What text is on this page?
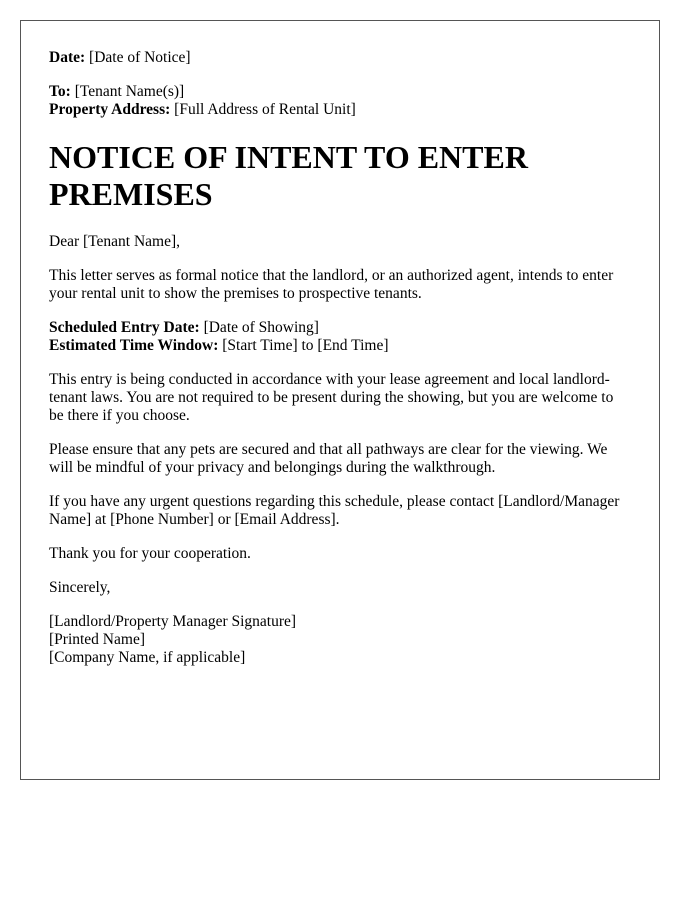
Date: [Date of Notice]

To: [Tenant Name(s)]

Property Address: [Full Address of Rental Unit]

NOTICE OF INTENT TO ENTER PREMISES

Dear [Tenant Name],

This letter serves as formal notice that the landlord, or an authorized agent, intends to enter your rental unit to show the premises to prospective tenants.

Scheduled Entry Date: [Date of Showing]

Estimated Time Window: [Start Time] to [End Time]

This entry is being conducted in accordance with your lease agreement and local landlord-tenant laws. You are not required to be present during the showing, but you are welcome to be there if you choose.

Please ensure that any pets are secured and that all pathways are clear for the viewing. We will be mindful of your privacy and belongings during the walkthrough.

If you have any urgent questions regarding this schedule, please contact [Landlord/Manager Name] at [Phone Number] or [Email Address].

Thank you for your cooperation.

Sincerely,

[Landlord/Property Manager Signature]
[Printed Name]
[Company Name, if applicable]
